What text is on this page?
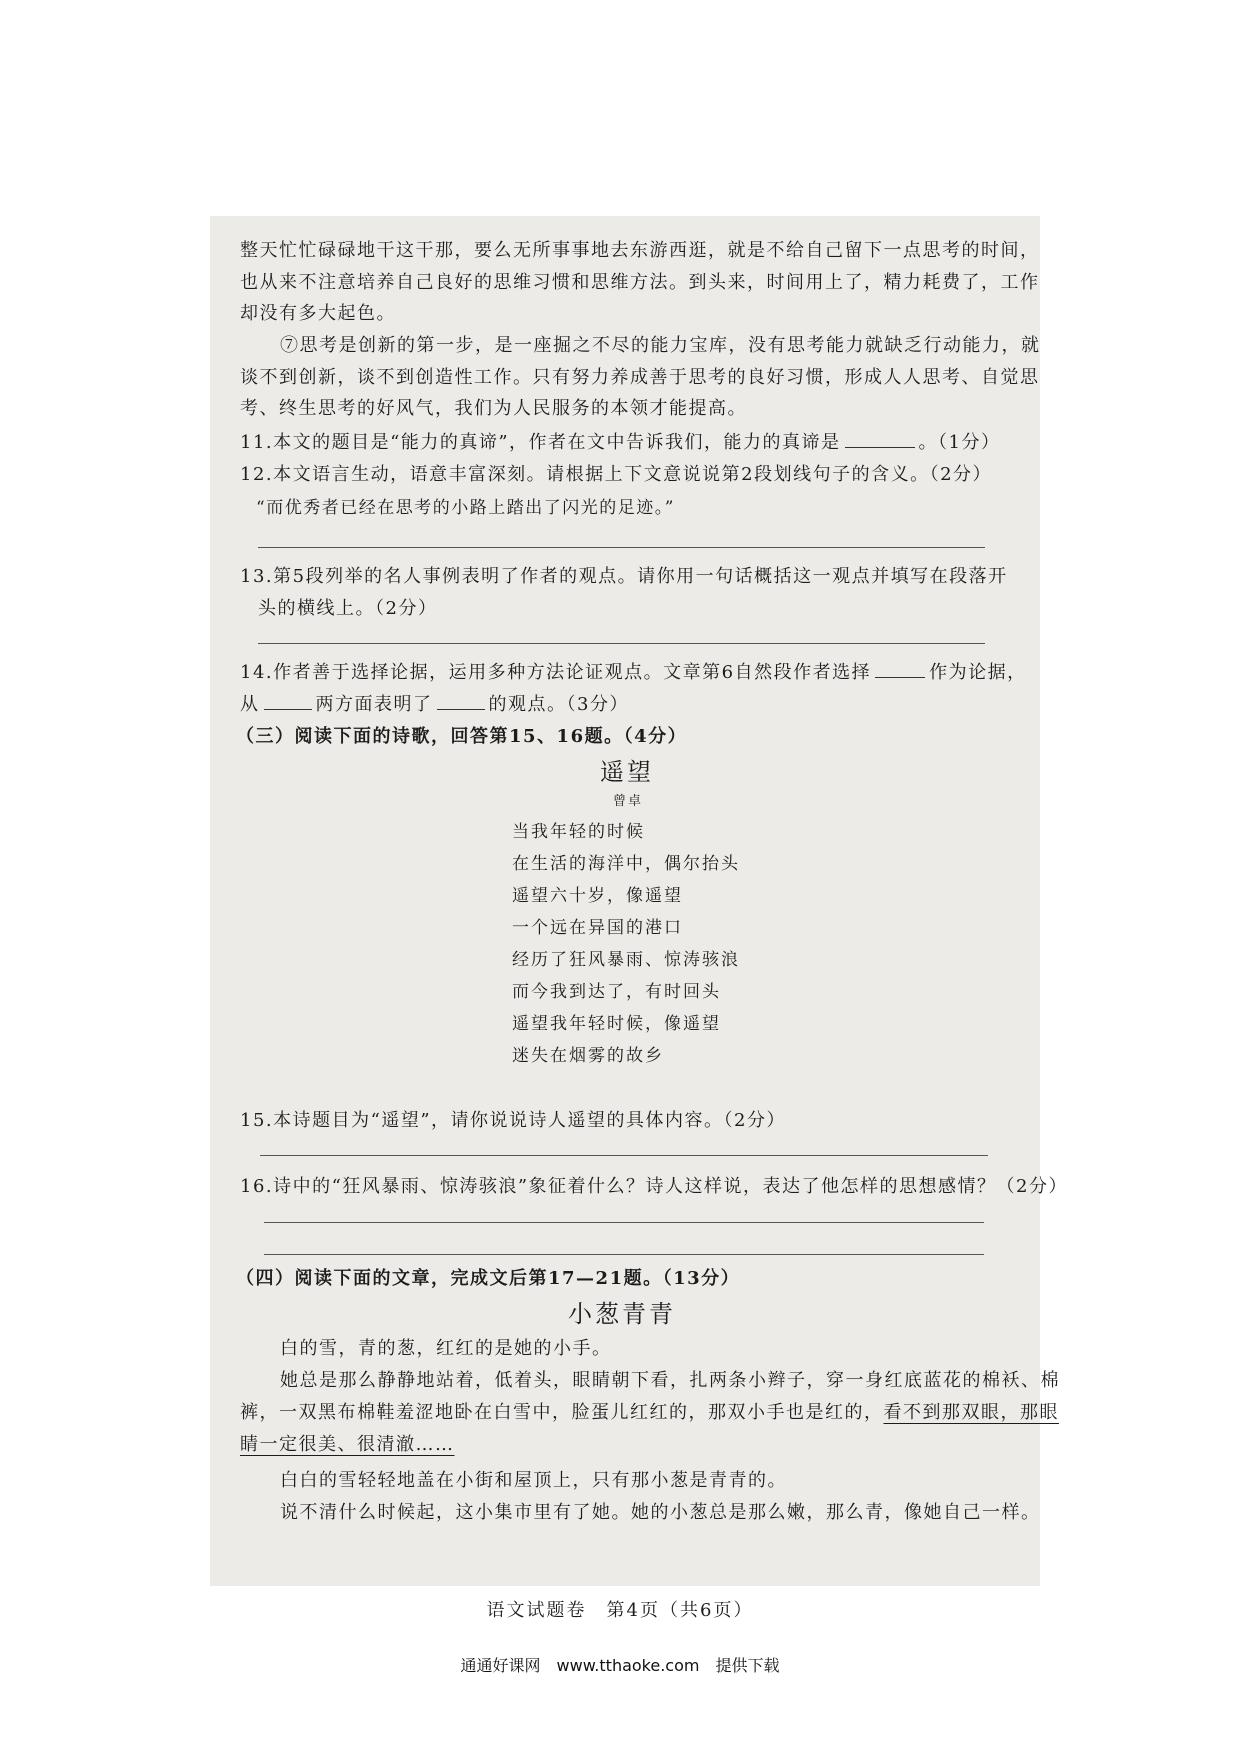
整天忙忙碌碌地干这干那，要么无所事事地去东游西逛，就是不给自己留下一点思考的时间，

也从来不注意培养自己良好的思维习惯和思维方法。到头来，时间用上了，精力耗费了，工作

却没有多大起色。

⑦思考是创新的第一步，是一座掘之不尽的能力宝库，没有思考能力就缺乏行动能力，就

谈不到创新，谈不到创造性工作。只有努力养成善于思考的良好习惯，形成人人思考、自觉思

考、终生思考的好风气，我们为人民服务的本领才能提高。

11.本文的题目是“能力的真谛”，作者在文中告诉我们，能力的真谛是	。（1分）

12.本文语言生动，语意丰富深刻。请根据上下文意说说第2段划线句子的含义。（2分）

“而优秀者已经在思考的小路上踏出了闪光的足迹。”

13.第5段列举的名人事例表明了作者的观点。请你用一句话概括这一观点并填写在段落开

头的横线上。（2分）

14.作者善于选择论据，运用多种方法论证观点。文章第6自然段作者选择	作为论据，

从	两方面表明了	的观点。（3分）

（三）阅读下面的诗歌，回答第15、16题。（4分）

遥望

曾卓

当我年轻的时候

在生活的海洋中，偶尔抬头

遥望六十岁，像遥望

一个远在异国的港口

经历了狂风暴雨、惊涛骇浪

而今我到达了，有时回头

遥望我年轻时候，像遥望

迷失在烟雾的故乡

15.本诗题目为“遥望”，请你说说诗人遥望的具体内容。（2分）

16.诗中的“狂风暴雨、惊涛骇浪”象征着什么？诗人这样说，表达了他怎样的思想感情？（2分）

（四）阅读下面的文章，完成文后第17—21题。（13分）

小葱青青

白的雪，青的葱，红红的是她的小手。

她总是那么静静地站着，低着头，眼睛朝下看，扎两条小辫子，穿一身红底蓝花的棉袄、棉

裤，一双黑布棉鞋羞涩地卧在白雪中，脸蛋儿红红的，那双小手也是红的，看不到那双眼，那眼

睛一定很美、很清澈……

白白的雪轻轻地盖在小街和屋顶上，只有那小葱是青青的。

说不清什么时候起，这小集市里有了她。她的小葱总是那么嫩，那么青，像她自己一样。

语文试题卷　第4页（共6页）
通通好课网　www.tthaoke.com　提供下载
